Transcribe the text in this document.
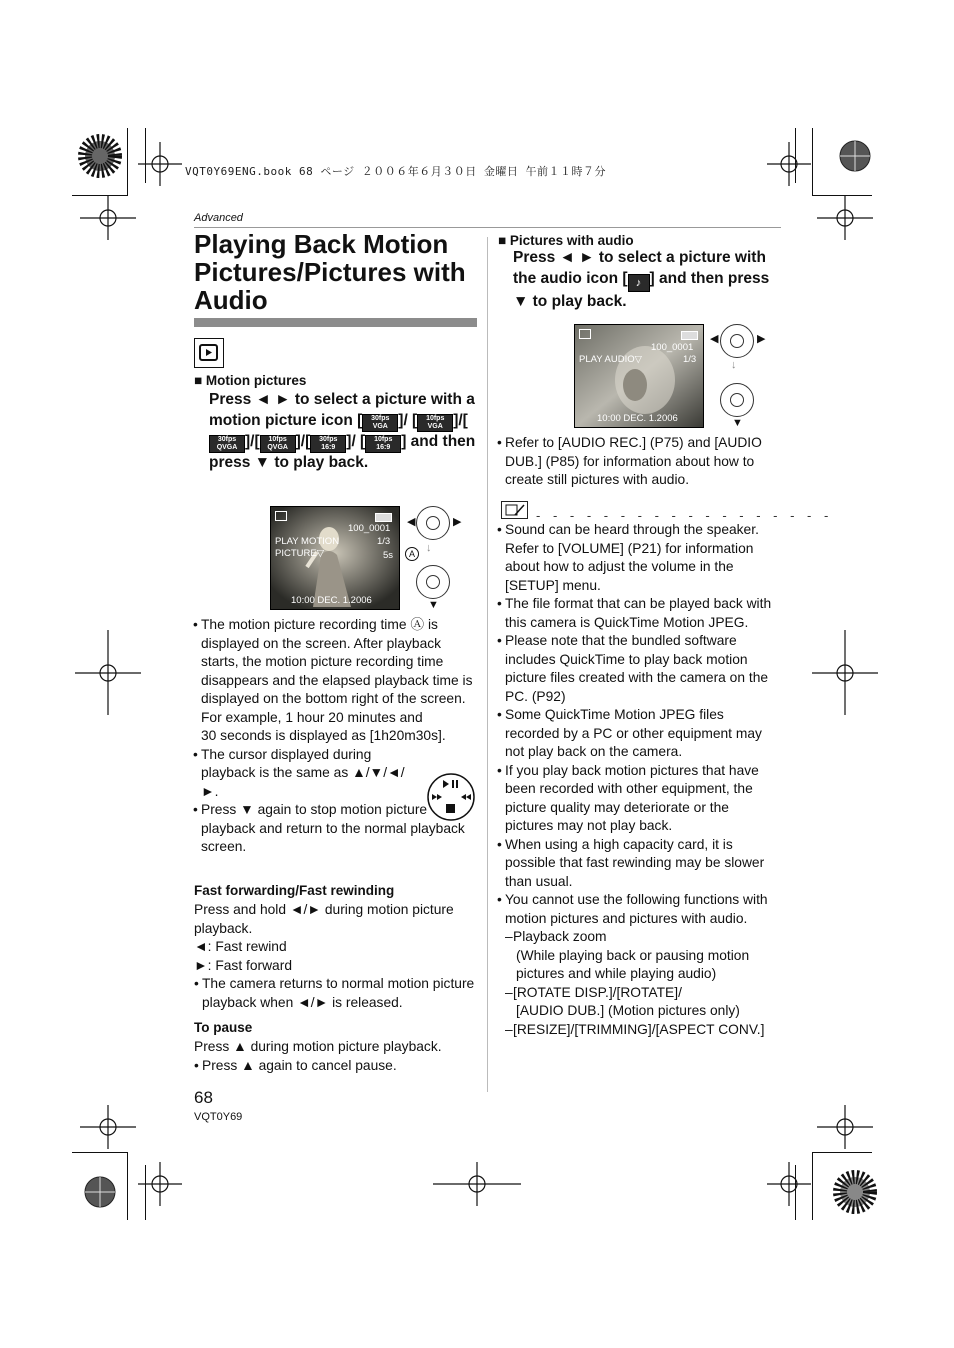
VQT0Y69ENG.book 68 ページ ２００６年６月３０日 金曜日 午前１１時７分
Advanced
Playing Back Motion Pictures/Pictures with Audio
■ Motion pictures
Press ◄ ► to select a picture with a motion picture icon [ 30fps VGA ]/ [ 10fps VGA ]/[30fps QVGA ]/[ 10fps QVGA ]/[ 30fps 16:9 ]/ [ 10fps 16:9 ] and then press ▼ to play back.
100_0001
1/3
PLAY MOTION
PICTURE▽	5s
10:00 DEC. 1.2006
A
◀	▶
↓
▼
• The motion picture recording time Ⓐ is displayed on the screen. After playback starts, the motion picture recording time disappears and the elapsed playback time is displayed on the bottom right of the screen.
For example, 1 hour 20 minutes and
30 seconds is displayed as [1h20m30s].
• The cursor displayed during playback is the same as ▲/▼/◄/►.
• Press ▼ again to stop motion picture playback and return to the normal playback screen.
Fast forwarding/Fast rewinding
Press and hold ◄/► during motion picture playback.
◄: Fast rewind
►: Fast forward
• The camera returns to normal motion picture playback when ◄/► is released.
To pause
Press ▲ during motion picture playback.
• Press ▲ again to cancel pause.
■ Pictures with audio
Press ◄ ► to select a picture with the audio icon [ ♪ ] and then press ▼ to play back.
100_0001
1/3
PLAY AUDIO▽
10:00 DEC. 1.2006
◀	▶
↓
▼
• Refer to [AUDIO REC.] (P75) and [AUDIO DUB.] (P85) for information about how to create still pictures with audio.
- - - - - - - - - - - - - - - - - -
• Sound can be heard through the speaker. Refer to [VOLUME] (P21) for information about how to adjust the volume in the [SETUP] menu.
• The file format that can be played back with this camera is QuickTime Motion JPEG.
• Please note that the bundled software includes QuickTime to play back motion picture files created with the camera on the PC. (P92)
• Some QuickTime Motion JPEG files recorded by a PC or other equipment may not play back on the camera.
• If you play back motion pictures that have been recorded with other equipment, the picture quality may deteriorate or the pictures may not play back.
• When using a high capacity card, it is possible that fast rewinding may be slower than usual.
• You cannot use the following functions with motion pictures and pictures with audio.
– Playback zoom
(While playing back or pausing motion pictures and while playing audio)
– [ROTATE DISP.]/[ROTATE]/
[AUDIO DUB.] (Motion pictures only)
– [RESIZE]/[TRIMMING]/[ASPECT CONV.]
68
VQT0Y69
